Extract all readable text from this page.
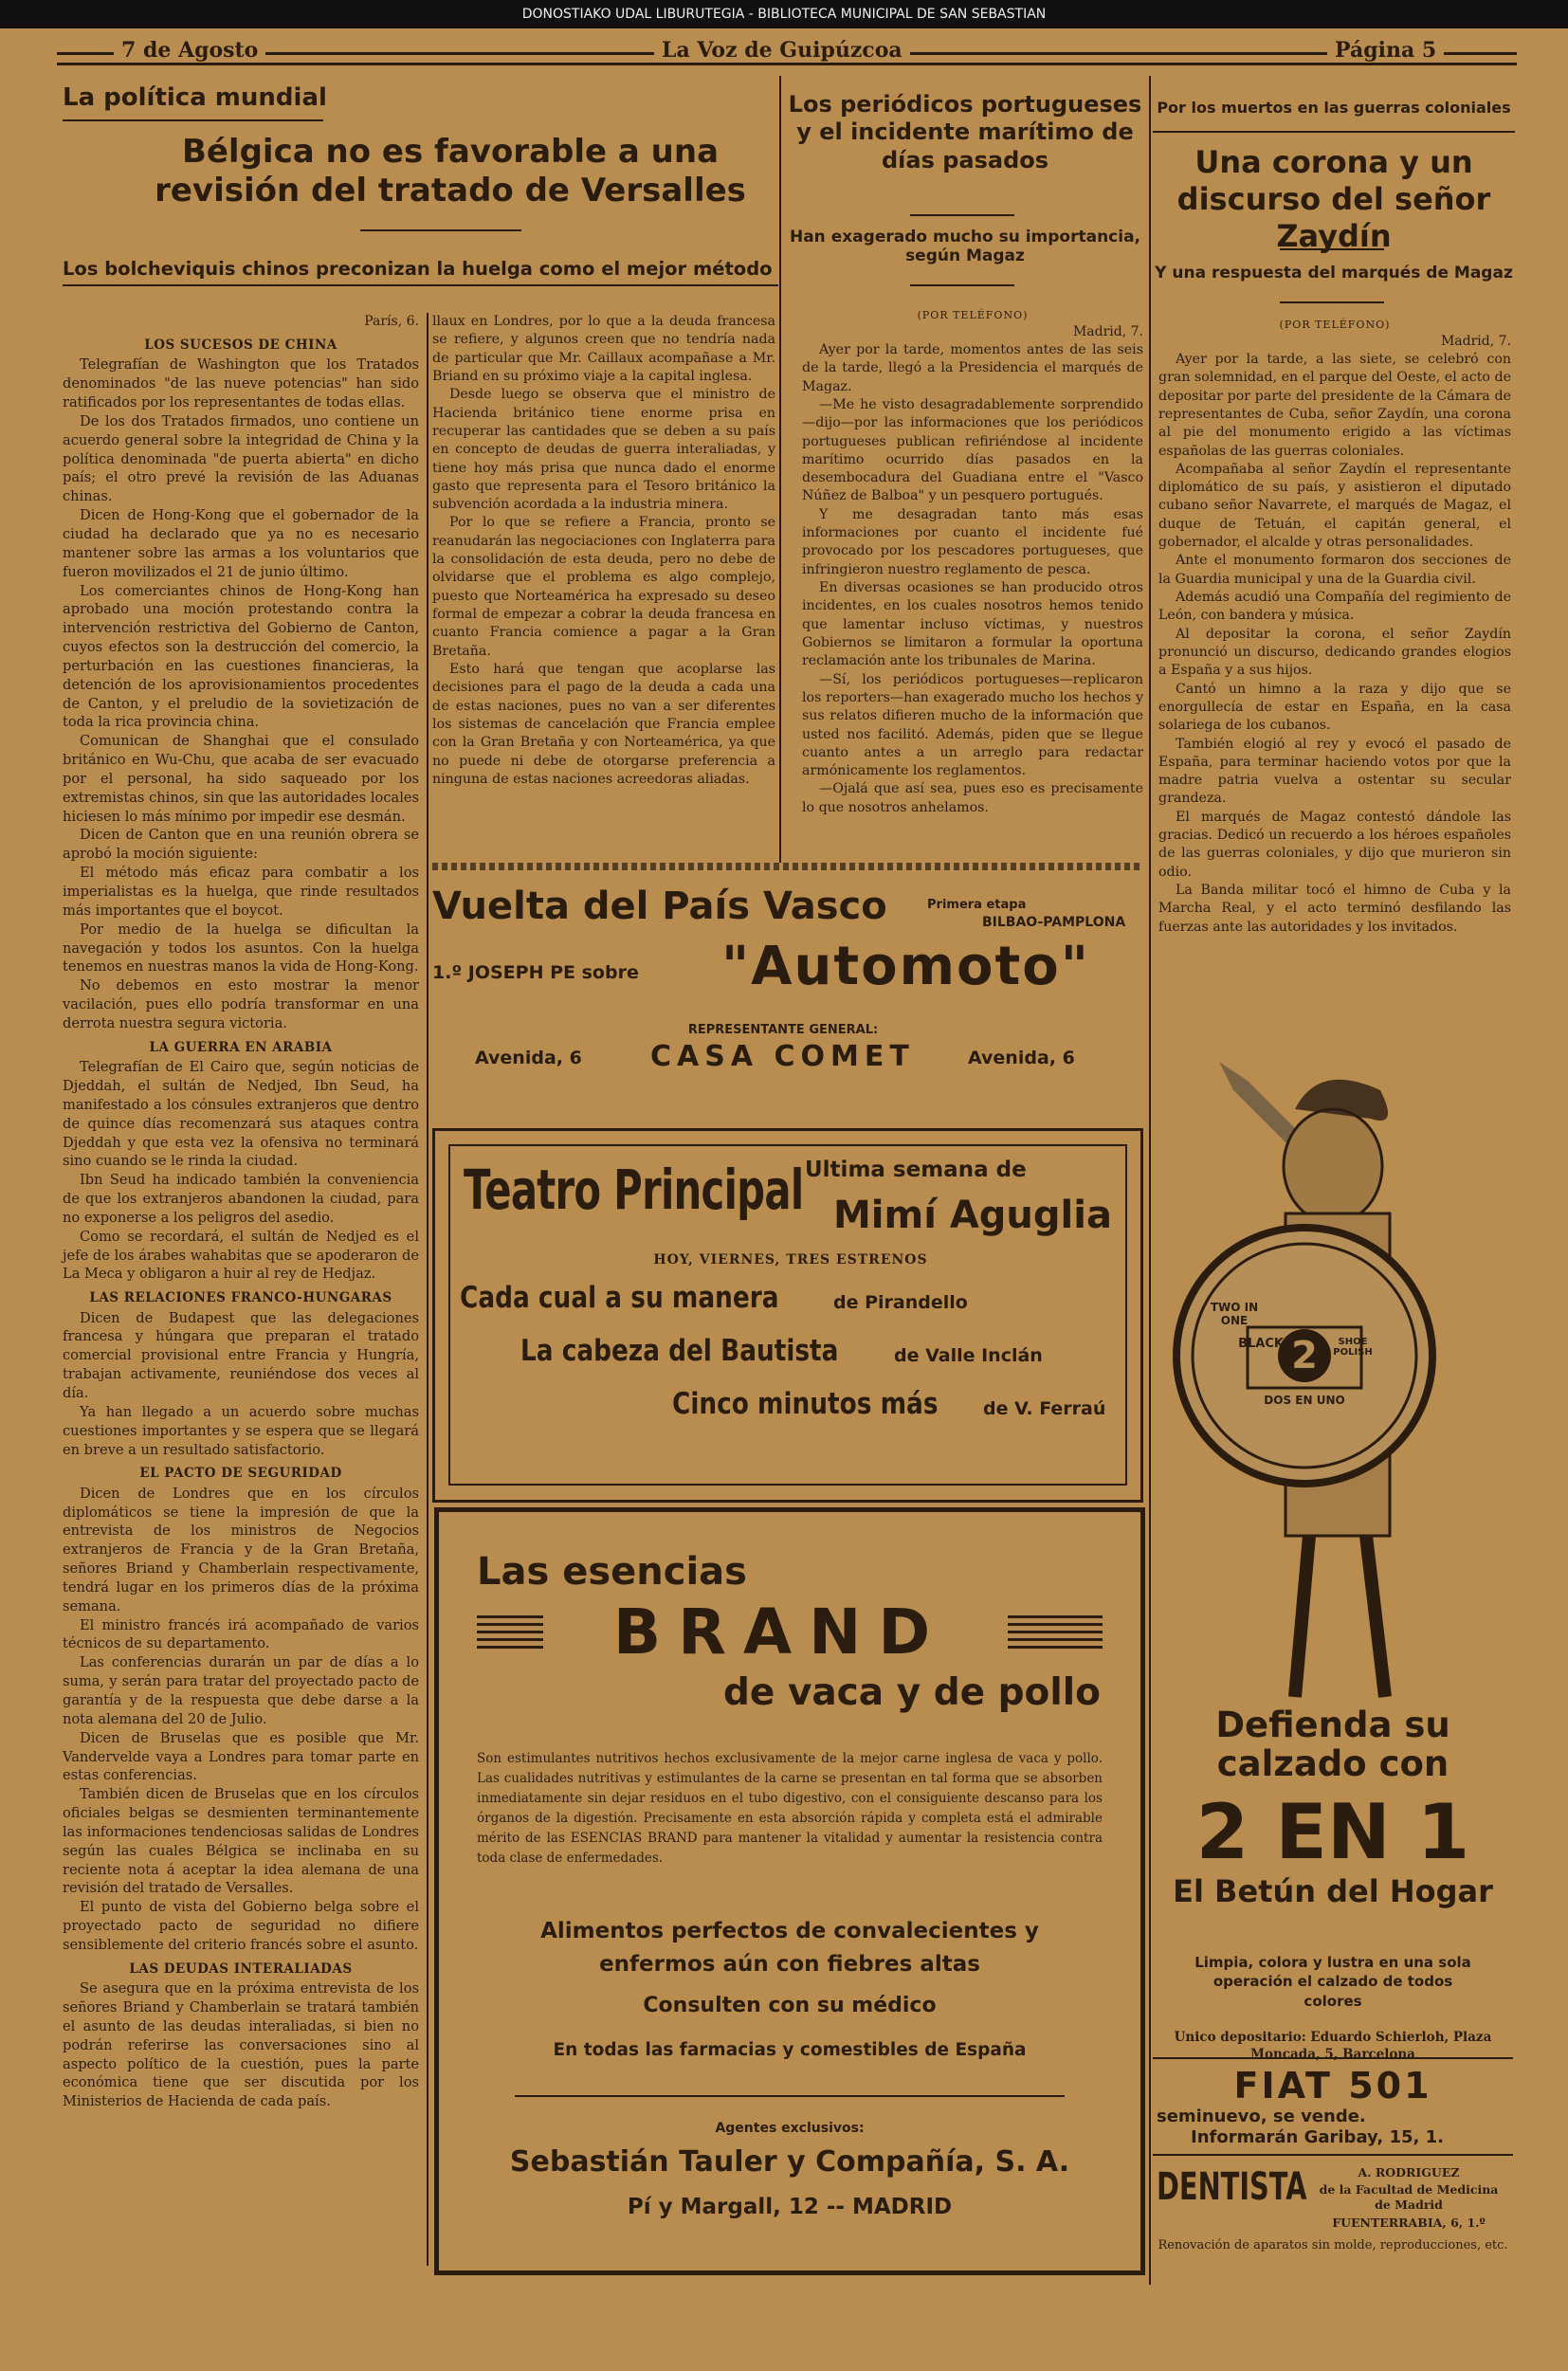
DONOSTIAKO UDAL LIBURUTEGIA - BIBLIOTECA MUNICIPAL DE SAN SEBASTIAN
7 de Agosto	La Voz de Guipúzcoa	Página 5
La política mundial
Bélgica no es favorable a una revisión del tratado de Versalles
Los bolcheviquis chinos preconizan la huelga como el mejor método
París, 6.
LOS SUCESOS DE CHINA

Telegrafían de Washington que los Tratados denominados "de las nueve potencias" han sido ratificados por los representantes de todas ellas.

De los dos Tratados firmados, uno contiene un acuerdo general sobre la integridad de China y la política denominada "de puerta abierta" en dicho país; el otro prevé la revisión de las Aduanas chinas.

Dicen de Hong-Kong que el gobernador de la ciudad ha declarado que ya no es necesario mantener sobre las armas a los voluntarios que fueron movilizados el 21 de junio último.

Los comerciantes chinos de Hong-Kong han aprobado una moción protestando contra la intervención restrictiva del Gobierno de Canton, cuyos efectos son la destrucción del comercio, la perturbación en las cuestiones financieras, la detención de los aprovisionamientos procedentes de Canton, y el preludio de la sovietización de toda la rica provincia china.

Comunican de Shanghai que el consulado británico en Wu-Chu, que acaba de ser evacuado por el personal, ha sido saqueado por los extremistas chinos, sin que las autoridades locales hiciesen lo más mínimo por impedir ese desmán.

Dicen de Canton que en una reunión obrera se aprobó la moción siguiente:

El método más eficaz para combatir a los imperialistas es la huelga, que rinde resultados más importantes que el boycot.

Por medio de la huelga se dificultan la navegación y todos los asuntos. Con la huelga tenemos en nuestras manos la vida de Hong-Kong.

No debemos en esto mostrar la menor vacilación, pues ello podría transformar en una derrota nuestra segura victoria.

LA GUERRA EN ARABIA

Telegrafían de El Cairo que, según noticias de Djeddah, el sultán de Nedjed, Ibn Seud, ha manifestado a los cónsules extranjeros que dentro de quince días recomenzará sus ataques contra Djeddah y que esta vez la ofensiva no terminará sino cuando se le rinda la ciudad.

Ibn Seud ha indicado también la conveniencia de que los extranjeros abandonen la ciudad, para no exponerse a los peligros del asedio.

Como se recordará, el sultán de Nedjed es el jefe de los árabes wahabitas que se apoderaron de La Meca y obligaron a huir al rey de Hedjaz.

LAS RELACIONES FRANCO-HUNGARAS

Dicen de Budapest que las delegaciones francesa y húngara que preparan el tratado comercial provisional entre Francia y Hungría, trabajan activamente, reuniéndose dos veces al día.

Ya han llegado a un acuerdo sobre muchas cuestiones importantes y se espera que se llegará en breve a un resultado satisfactorio.

EL PACTO DE SEGURIDAD

Dicen de Londres que en los círculos diplomáticos se tiene la impresión de que la entrevista de los ministros de Negocios extranjeros de Francia y de la Gran Bretaña, señores Briand y Chamberlain respectivamente, tendrá lugar en los primeros días de la próxima semana.

El ministro francés irá acompañado de varios técnicos de su departamento.

Las conferencias durarán un par de días a lo suma, y serán para tratar del proyectado pacto de garantía y de la respuesta que debe darse a la nota alemana del 20 de Julio.

Dicen de Bruselas que es posible que Mr. Vandervelde vaya a Londres para tomar parte en estas conferencias.

También dicen de Bruselas que en los círculos oficiales belgas se desmienten terminantemente las informaciones tendenciosas salidas de Londres según las cuales Bélgica se inclinaba en su reciente nota á aceptar la idea alemana de una revisión del tratado de Versalles.

El punto de vista del Gobierno belga sobre el proyectado pacto de seguridad no difiere sensiblemente del criterio francés sobre el asunto.

LAS DEUDAS INTERALIADAS

Se asegura que en la próxima entrevista de los señores Briand y Chamberlain se tratará también el asunto de las deudas interaliadas, si bien no podrán referirse las conversaciones sino al aspecto político de la cuestión, pues la parte económica tiene que ser discutida por los Ministerios de Hacienda de cada país.

llaux en Londres, por lo que a la deuda francesa se refiere, y algunos creen que no tendría nada de particular que Mr. Caillaux acompañase a Mr. Briand en su próximo viaje a la capital inglesa.

Desde luego se observa que el ministro de Hacienda británico tiene enorme prisa en recuperar las cantidades que se deben a su país en concepto de deudas de guerra interaliadas, y tiene hoy más prisa que nunca dado el enorme gasto que representa para el Tesoro británico la subvención acordada a la industria minera.

Por lo que se refiere a Francia, pronto se reanudarán las negociaciones con Inglaterra para la consolidación de esta deuda, pero no debe de olvidarse que el problema es algo complejo, puesto que Norteamérica ha expresado su deseo formal de empezar a cobrar la deuda francesa en cuanto Francia comience a pagar a la Gran Bretaña.

Esto hará que tengan que acoplarse las decisiones para el pago de la deuda a cada una de estas naciones, pues no van a ser diferentes los sistemas de cancelación que Francia emplee con la Gran Bretaña y con Norteamérica, ya que no puede ni debe de otorgarse preferencia a ninguna de estas naciones acreedoras aliadas.

Los periódicos portugueses y el incidente marítimo de días pasados
Han exagerado mucho su importancia, según Magaz
(POR TELÉFONO)
Madrid, 7.

Ayer por la tarde, momentos antes de las seis de la tarde, llegó a la Presidencia el marqués de Magaz.

—Me he visto desagradablemente sorprendido—dijo—por las informaciones que los periódicos portugueses publican refiriéndose al incidente marítimo ocurrido días pasados en la desembocadura del Guadiana entre el "Vasco Núñez de Balboa" y un pesquero portugués.

Y me desagradan tanto más esas informaciones por cuanto el incidente fué provocado por los pescadores portugueses, que infringieron nuestro reglamento de pesca.

En diversas ocasiones se han producido otros incidentes, en los cuales nosotros hemos tenido que lamentar incluso víctimas, y nuestros Gobiernos se limitaron a formular la oportuna reclamación ante los tribunales de Marina.

—Sí, los periódicos portugueses—replicaron los reporters—han exagerado mucho los hechos y sus relatos difieren mucho de la información que usted nos facilitó. Además, piden que se llegue cuanto antes a un arreglo para redactar armónicamente los reglamentos.

—Ojalá que así sea, pues eso es precisamente lo que nosotros anhelamos.

Por los muertos en las guerras coloniales
Una corona y un discurso del señor Zaydín
Y una respuesta del marqués de Magaz
(POR TELÉFONO)
Madrid, 7.

Ayer por la tarde, a las siete, se celebró con gran solemnidad, en el parque del Oeste, el acto de depositar por parte del presidente de la Cámara de representantes de Cuba, señor Zaydín, una corona al pie del monumento erigido a las víctimas españolas de las guerras coloniales.

Acompañaba al señor Zaydín el representante diplomático de su país, y asistieron el diputado cubano señor Navarrete, el marqués de Magaz, el duque de Tetuán, el capitán general, el gobernador, el alcalde y otras personalidades.

Ante el monumento formaron dos secciones de la Guardia municipal y una de la Guardia civil.

Además acudió una Compañía del regimiento de León, con bandera y música.

Al depositar la corona, el señor Zaydín pronunció un discurso, dedicando grandes elogios a España y a sus hijos.

Cantó un himno a la raza y dijo que se enorgullecía de estar en España, en la casa solariega de los cubanos.

También elogió al rey y evocó el pasado de España, para terminar haciendo votos por que la madre patria vuelva a ostentar su secular grandeza.

El marqués de Magaz contestó dándole las gracias. Dedicó un recuerdo a los héroes españoles de las guerras coloniales, y dijo que murieron sin odio.

La Banda militar tocó el himno de Cuba y la Marcha Real, y el acto terminó desfilando las fuerzas ante las autoridades y los invitados.

Vuelta del País Vasco	Primera etapa
BILBAO-PAMPLONA
1.º JOSEPH PE sobre "Automoto"
REPRESENTANTE GENERAL:
Avenida, 6 CASA COMET	Avenida, 6
Teatro Principal Ultima semana de
Mimí Aguglia
HOY, VIERNES, TRES ESTRENOS
Cada cual a su manera	de Pirandello
La cabeza del Bautista	de Valle Inclán
Cinco minutos más de V. Ferraú
Las esencias
BRAND
de vaca y de pollo
Son estimulantes nutritivos hechos exclusivamente de la mejor carne inglesa de vaca y pollo. Las cualidades nutritivas y estimulantes de la carne se presentan en tal forma que se absorben inmediatamente sin dejar residuos en el tubo digestivo, con el consiguiente descanso para los órganos de la digestión. Precisamente en esta absorción rápida y completa está el admirable mérito de las ESENCIAS BRAND para mantener la vitalidad y aumentar la resistencia contra toda clase de enfermedades.
Alimentos perfectos de convalecientes y enfermos aún con fiebres altas
Consulten con su médico
En todas las farmacias y comestibles de España
Agentes exclusivos:
Sebastián Tauler y Compañía, S. A.
Pí y Margall, 12 -- MADRID
TWO IN ONE
BLACK 2	SHOE POLISH
DOS EN UNO
Defienda su calzado con
2 EN 1
El Betún del Hogar
Limpia, colora y lustra en una sola operación el calzado de todos colores
Unico depositario: Eduardo Schierloh, Plaza Moncada, 5, Barcelona
FIAT 501
seminuevo, se vende.
Informarán Garibay, 15, 1.
DENTISTA	A. RODRIGUEZ
de la Facultad de Medicina de Madrid
FUENTERRABIA, 6, 1.º
Renovación de aparatos sin molde, reproducciones, etc.
